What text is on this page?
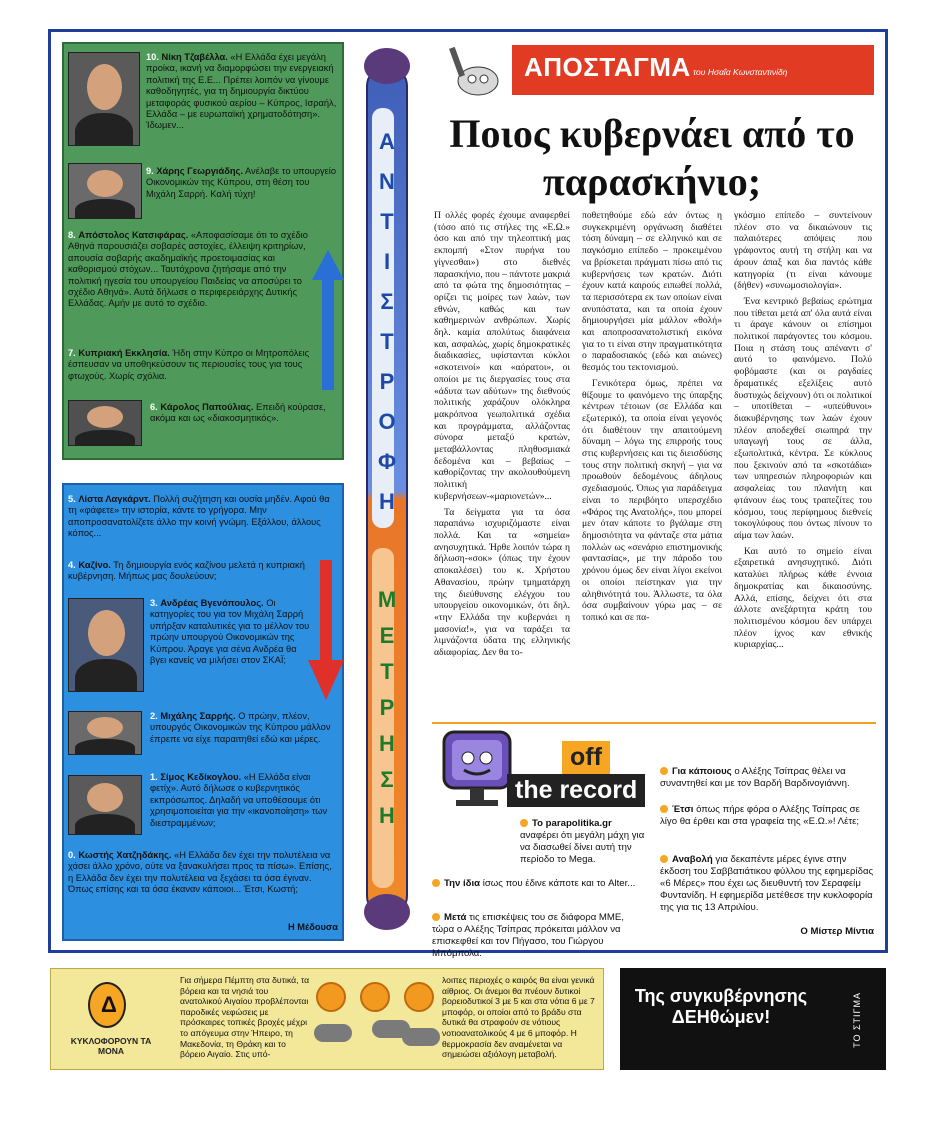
10. Νίκη Τζαβέλλα. «Η Ελλάδα έχει μεγάλη προίκα, ικανή να διαμορφώσει την ενεργειακή πολιτική της Ε.Ε... Πρέπει λοιπόν να γίνουμε καθοδηγητές, για τη δημιουργία δικτύου μεταφοράς φυσικού αερίου – Κύπρος, Ισραήλ, Ελλάδα – με ευρωπαϊκή χρηματοδότηση». Ίδωμεν...
9. Χάρης Γεωργιάδης. Ανέλαβε το υπουργείο Οικονομικών της Κύπρου, στη θέση του Μιχάλη Σαρρή. Καλή τύχη!
8. Απόστολος Κατσιφάρας. «Αποφασίσαμε ότι το σχέδιο Αθηνά παρουσιάζει σοβαρές αστοχίες, έλλειψη κριτηρίων, απουσία σοβαρής ακαδημαϊκής προετοιμασίας και καθορισμού στόχων... Ταυτόχρονα ζητήσαμε από την πολιτική ηγεσία του υπουργείου Παιδείας να αποσύρει το σχέδιο Αθηνά». Αυτά δήλωσε ο περιφερειάρχης Δυτικής Ελλάδας. Αμήν με αυτό το σχέδιο.
7. Κυπριακή Εκκλησία. Ήδη στην Κύπρο οι Μητροπόλεις έσπευσαν να υποθηκεύσουν τις περιουσίες τους για τους φτωχούς. Χωρίς σχόλια.
6. Κάρολος Παπούλιας. Επειδή κούρασε, ακόμα και ως «διακοσμητικός».
5. Λίστα Λαγκάρντ. Πολλή συζήτηση και ουσία μηδέν. Αφού θα τη «φάφετε» την ιστορία, κάντε το γρήγορα. Μην αποπροσανατολίζετε άλλο την κοινή γνώμη. Εξάλλου, άλλους κόπος...
4. Καζίνο. Τη δημιουργία ενός καζίνου μελετά η κυπριακή κυβέρνηση. Μήπως μας δουλεύουν;
3. Ανδρέας Βγενόπουλος. Οι κατηγορίες του για τον Μιχάλη Σαρρή υπήρξαν καταλυτικές για το μέλλον του πρώην υπουργού Οικονομικών της Κύπρου. Άραγε για σένα Ανδρέα θα βγει κανείς να μιλήσει στον ΣΚΑΪ;
2. Μιχάλης Σαρρής. Ο πρώην, πλέον, υπουργός Οικονομικών της Κύπρου μάλλον έπρεπε να είχε παραιτηθεί εδώ και μέρες.
1. Σίμος Κεδίκογλου. «Η Ελλάδα είναι φετίχ». Αυτό δήλωσε ο κυβερνητικός εκπρόσωπος. Δηλαδή να υποθέσουμε ότι χρησιμοποιείται για την «ικανοποίηση» των διεστραμμένων;
0. Κωστής Χατζηδάκης. «Η Ελλάδα δεν έχει την πολυτέλεια να χάσει άλλο χρόνο, ούτε να ξανακυλήσει προς τα πίσω». Επίσης, η Ελλάδα δεν έχει την πολυτέλεια να ξεχάσει τα όσα έγιναν. Όπως επίσης και τα όσα έκαναν κάποιοι... Έτσι, Κωστή;
Η Μέδουσα
Α
Ν
Τ
Ι
Σ
Τ
Ρ
Ο
Φ
Η
Μ
Ε
Τ
Ρ
Η
Σ
Η
ΑΠΟΣΤΑΓΜΑ του Ησαΐα Κωνσταντινίδη
Ποιος κυβερνάει από το παρασκήνιο;

Π ολλές φορές έχουμε αναφερθεί (τόσο από τις στήλες της «Ε.Ω.» όσο και από την τηλεοπτική μας εκπομπή «Στον πυρήνα του γίγνεσθαι») στο διεθνές παρασκήνιο, που – πάντοτε μακριά από τα φώτα της δημοσιότητας – ορίζει τις μοίρες των λαών, των εθνών, καθώς και των καθημερινών ανθρώπων. Χωρίς δηλ. καμία απολύτως διαφάνεια και, ασφαλώς, χωρίς δημοκρατικές διαδικασίες, υφίστανται κύκλοι «σκοτεινοί» και «αόρατοι», οι οποίοι με τις διεργασίες τους στα «άδυτα των αδύτων» της διεθνούς πολιτικής χαράζουν ολόκληρα μακρόπνοα γεωπολιτικά σχέδια και προγράμματα, αλλάζοντας σύνορα μεταξύ κρατών, μεταβάλλοντας πληθυσμιακά δεδομένα και – βεβαίως – καθορίζοντας την ακολουθούμενη πολιτική κυβερνήσεων-«μαριονετών»...

Τα δείγματα για τα όσα παραπάνω ισχυριζόμαστε είναι πολλά. Και τα «σημεία» ανησυχητικά. Ήρθε λοιπόν τώρα η δήλωση-«σοκ» (όπως την έχουν αποκαλέσει) του κ. Χρήστου Αθανασίου, πρώην τμηματάρχη της διεύθυνσης ελέγχου του υπουργείου οικονομικών, ότι δηλ. «την Ελλάδα την κυβερνάει η μασονία!», για να ταράξει τα λιμνάζοντα ύδατα της ελληνικής αδιαφορίας. Δεν θα το-

ποθετηθούμε εδώ εάν όντως η συγκεκριμένη οργάνωση διαθέτει τόση δύναμη – σε ελληνικό και σε παγκόσμιο επίπεδο – προκειμένου να βρίσκεται πράγματι πίσω από τις κυβερνήσεις των κρατών. Διότι έχουν κατά καιρούς ειπωθεί πολλά, τα περισσότερα εκ των οποίων είναι ανυπόστατα, και τα οποία έχουν δημιουργήσει μία μάλλον «θολή» και αποπροσανατολιστική εικόνα για το τι είναι στην πραγματικότητα ο παραδοσιακός (εδώ και αιώνες) θεσμός του τεκτονισμού.

Γενικότερα όμως, πρέπει να θίξουμε το φαινόμενο της ύπαρξης κέντρων τέτοιων (σε Ελλάδα και εξωτερικό), τα οποία είναι γεγονός ότι διαθέτουν την απαιτούμενη δύναμη – λόγω της επιρροής τους στις κυβερνήσεις και τις διεισδύσης τους στην πολιτική σκηνή – για να προωθούν δεδομένους άδηλους σχεδιασμούς. Όπως για παράδειγμα είναι το περιβόητο υπερσχέδιο «Φάρος της Ανατολής», που μπορεί μεν όταν κάποτε το βγάλαμε στη δημοσιότητα να φάνταζε στα μάτια πολλών ως «σενάριο επιστημονικής φαντασίας», με την πάροδο του χρόνου όμως δεν είναι λίγοι εκείνοι οι οποίοι πείστηκαν για την αληθινότητά του. Άλλωστε, τα όλα όσα συμβαίνουν γύρω μας – σε τοπικό και σε πα-

γκόσμιο επίπεδο – συντείνουν πλέον στο να δικαιώνουν τις παλαιότερες απόψεις που γράφοντος αυτή τη στήλη και να άρουν άπαξ και δια παντός κάθε κατηγορία (τι είναι κάνουμε (δήθεν) «συνωμοσιολογία».

Ένα κεντρικό βεβαίως ερώτημα που τίθεται μετά απ' όλα αυτά είναι τι άραγε κάνουν οι επίσημοι πολιτικοί παράγοντες του κόσμου. Ποια η στάση τους απέναντι σ' αυτό το φαινόμενο. Πολύ φοβόμαστε (και οι ραγδαίες δραματικές εξελίξεις αυτό δυστυχώς δείχνουν) ότι οι πολιτικοί – υποτίθεται – «υπεύθυνοι» διακυβέρνησης των λαών έχουν πλέον αποδεχθεί σιωπηρά την υπαγωγή τους σε άλλα, εξωπολιτικά, κέντρα. Σε κύκλους που ξεκινούν από τα «σκοτάδια» των υπηρεσιών πληροφοριών και ασφαλείας του πλανήτη και φτάνουν έως τους τραπεζίτες του κόσμου, τους περίφημους διεθνείς τοκογλύφους που όντως πίνουν το αίμα των λαών.

Και αυτό το σημείο είναι εξαιρετικά ανησυχητικό. Διότι καταλύει πλήρως κάθε έννοια δημοκρατίας και δικαιοσύνης. Αλλά, επίσης, δείχνει ότι στα άλλοτε ανεξάρτητα κράτη του πολιτισμένου κόσμου δεν υπάρχει πλέον ίχνος καν εθνικής κυριαρχίας...

off
the record
Το parapolitika.gr αναφέρει ότι μεγάλη μάχη για να διασωθεί δίνει αυτή την περίοδο το Mega.
Την ίδια ίσως που έδινε κάποτε και το Alter...
Μετά τις επισκέψεις του σε διάφορα ΜΜΕ, τώρα ο Αλέξης Τσίπρας πρόκειται μάλλον να επισκεφθεί και τον Πήγασο, του Γιώργου Μπόμπολα.
Για κάποιους ο Αλέξης Τσίπρας θέλει να συναντηθεί και με τον Βαρδή Βαρδινογιάννη.
Έτσι όπως πήρε φόρα ο Αλέξης Τσίπρας σε λίγο θα έρθει και στα γραφεία της «Ε.Ω.»! Λέτε;
Αναβολή για δεκαπέντε μέρες έγινε στην έκδοση του Σαββατιάτικου φύλλου της εφημερίδας «6 Μέρες» που έχει ως διευθυντή τον Σεραφείμ Φυντανίδη. Η εφημερίδα μετέθεσε την κυκλοφορία της για τις 13 Απριλίου.
Ο Μίστερ Μίντια
Δ
ΚΥΚΛΟΦΟΡΟΥΝ ΤΑ ΜΟΝΑ
Για σήμερα Πέμπτη στα δυτικά, τα βόρεια και τα νησιά του ανατολικού Αιγαίου προβλέπονται παροδικές νεφώσεις με πρόσκαιρες τοπικές βροχές μέχρι το απόγευμα στην Ήπειρο, τη Μακεδονία, τη Θράκη και το βόρειο Αιγαίο. Στις υπό-
λοιπες περιοχές ο καιρός θα είναι γενικά αίθριος. Οι άνεμοι θα πνέουν δυτικοί βορειοδυτικοί 3 με 5 και στα νότια 6 με 7 μποφόρ, οι οποίοι από το βράδυ στα δυτικά θα στραφούν σε νότιους νοτιοανατολικούς 4 με 6 μποφόρ. Η θερμοκρασία δεν αναμένεται να σημειώσει αξιόλογη μεταβολή.
Της συγκυβέρνησης ΔΕΗθώμεν!	ΤΟ ΣΤΙΓΜΑ
